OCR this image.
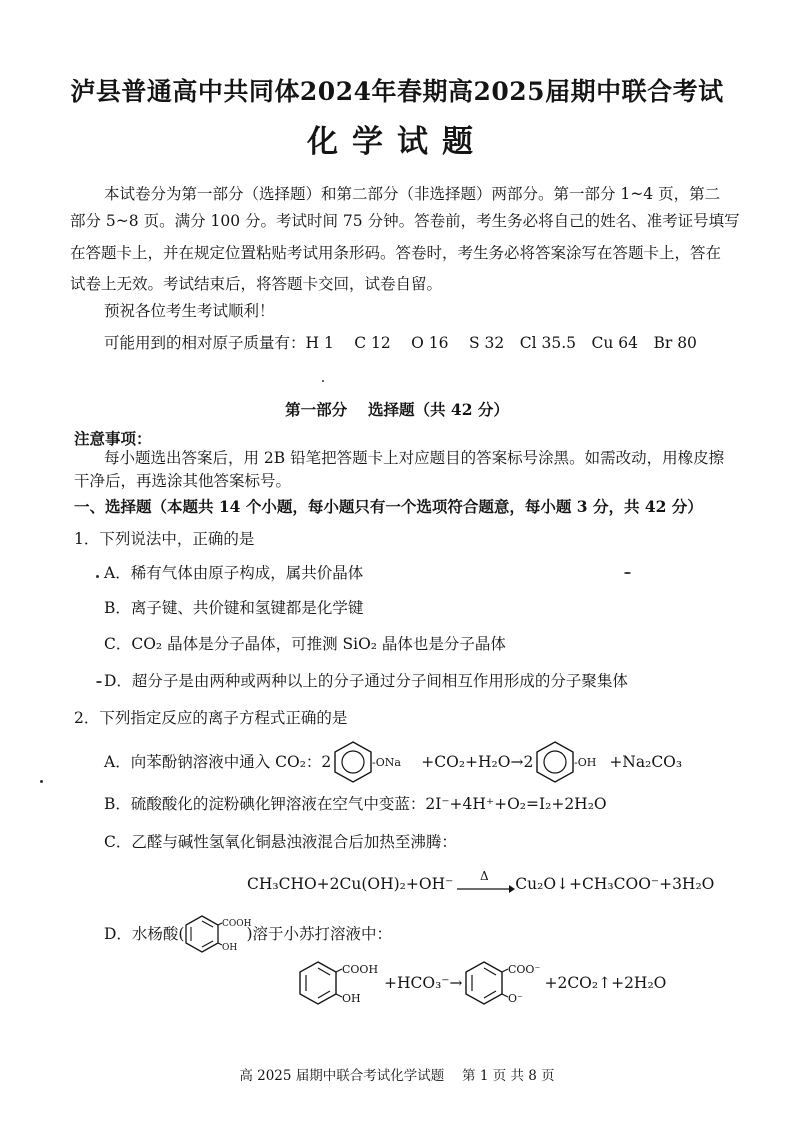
泸县普通高中共同体2024年春期高2025届期中联合考试
化学试题
本试卷分为第一部分（选择题）和第二部分（非选择题）两部分。第一部分 1~4 页，第二
部分 5~8 页。满分 100 分。考试时间 75 分钟。答卷前，考生务必将自己的姓名、准考证号填写
在答题卡上，并在规定位置粘贴考试用条形码。答卷时，考生务必将答案涂写在答题卡上，答在
试卷上无效。考试结束后，将答题卡交回，试卷自留。
预祝各位考生考试顺利！
可能用到的相对原子质量有：H 1　 C 12　 O 16　 S 32　Cl 35.5　Cu 64　Br 80
第一部分　 选择题（共 42 分）
注意事项：
每小题选出答案后，用 2B 铅笔把答题卡上对应题目的答案标号涂黑。如需改动，用橡皮擦
干净后，再选涂其他答案标号。
一、选择题（本题共 14 个小题，每小题只有一个选项符合题意，每小题 3 分，共 42 分）
1．下列说法中，正确的是
A．稀有气体由原子构成，属共价晶体
B．离子键、共价键和氢键都是化学键
C．CO₂ 晶体是分子晶体，可推测 SiO₂ 晶体也是分子晶体
D．超分子是由两种或两种以上的分子通过分子间相互作用形成的分子聚集体
2．下列指定反应的离子方程式正确的是
A．向苯酚钠溶液中通入 CO₂：2	-ONa +CO₂+H₂O→2	-OH +Na₂CO₃
B．硫酸酸化的淀粉碘化钾溶液在空气中变蓝：2I⁻+4H⁺+O₂=I₂+2H₂O
C．乙醛与碱性氢氧化铜悬浊液混合后加热至沸腾：
CH₃CHO+2Cu(OH)₂+OH⁻ Δ Cu₂O↓+CH₃COO⁻+3H₂O
D．水杨酸(
COOH
OH
)溶于小苏打溶液中：
COOH
OH
+HCO₃⁻→
COO⁻
O⁻
+2CO₂↑+2H₂O
高 2025 届期中联合考试化学试题　 第 1 页 共 8 页
